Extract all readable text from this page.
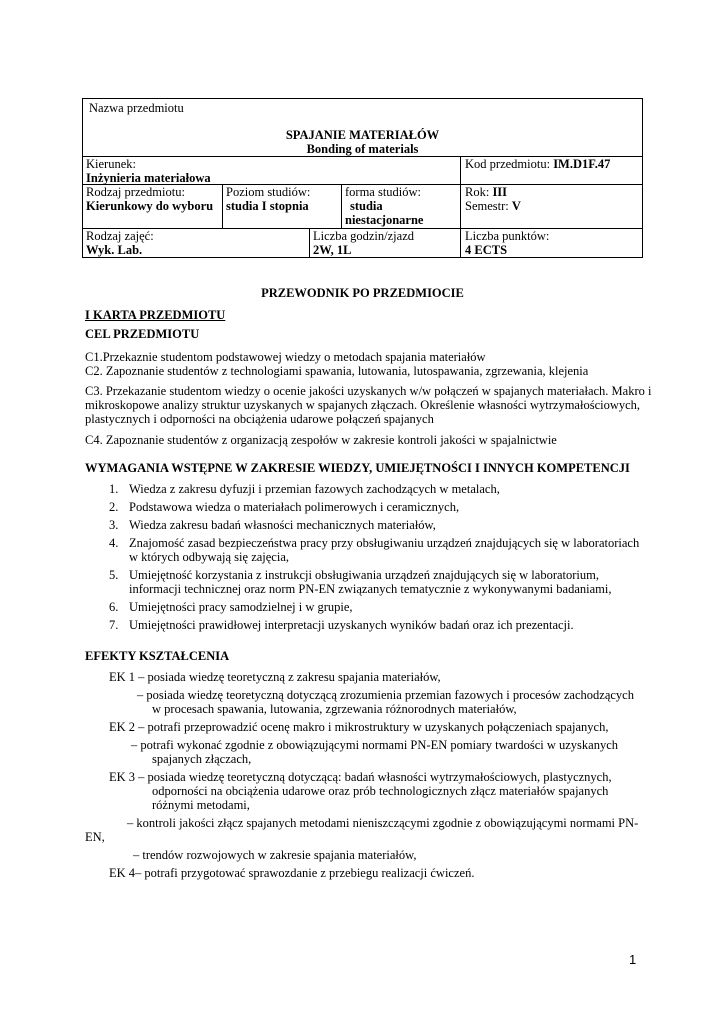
Nazwa przedmiotu
SPAJANIE MATERIAŁÓW
Bonding of materials
Kierunek:
Inżynieria materiałowa
Kod przedmiotu: IM.D1F.47
Rodzaj przedmiotu:
Kierunkowy do wyboru
Poziom studiów:
studia I stopnia
forma studiów:
studia
niestacjonarne
Rok: III
Semestr: V
Rodzaj zajęć:
Wyk. Lab.
Liczba godzin/zjazd
2W, 1L
Liczba punktów:
4 ECTS
PRZEWODNIK PO PRZEDMIOCIE
I KARTA PRZEDMIOTU
CEL PRZEDMIOTU
C1.Przekaznie studentom podstawowej wiedzy o metodach spajania materiałów
C2. Zapoznanie studentów z technologiami spawania, lutowania, lutospawania, zgrzewania, klejenia
C3. Przekazanie studentom wiedzy o ocenie jakości uzyskanych w/w połączeń w spajanych materiałach. Makro i
mikroskopowe analizy struktur uzyskanych w spajanych złączach. Określenie własności wytrzymałościowych,
plastycznych i odporności na obciążenia udarowe połączeń spajanych
C4. Zapoznanie studentów z organizacją zespołów w zakresie kontroli jakości w spajalnictwie
WYMAGANIA WSTĘPNE W ZAKRESIE WIEDZY, UMIEJĘTNOŚCI I INNYCH KOMPETENCJI
1. Wiedza z zakresu dyfuzji i przemian fazowych zachodzących w metalach,
2. Podstawowa wiedza o materiałach polimerowych i ceramicznych,
3. Wiedza zakresu badań własności mechanicznych materiałów,
4. Znajomość zasad bezpieczeństwa pracy przy obsługiwaniu urządzeń znajdujących się w laboratoriach
w których odbywają się zajęcia,
5. Umiejętność korzystania z instrukcji obsługiwania urządzeń znajdujących się w laboratorium,
informacji technicznej oraz norm PN-EN związanych tematycznie z wykonywanymi badaniami,
6. Umiejętności pracy samodzielnej i w grupie,
7. Umiejętności prawidłowej interpretacji uzyskanych wyników badań oraz ich prezentacji.
EFEKTY KSZTAŁCENIA
EK 1 – posiada wiedzę teoretyczną z zakresu spajania materiałów,
– posiada wiedzę teoretyczną dotyczącą zrozumienia przemian fazowych i procesów zachodzących
w procesach spawania, lutowania, zgrzewania różnorodnych materiałów,
EK 2 – potrafi przeprowadzić ocenę makro i mikrostruktury w uzyskanych połączeniach spajanych,
– potrafi wykonać zgodnie z obowiązującymi normami PN-EN pomiary twardości w uzyskanych
spajanych złączach,
EK 3 – posiada wiedzę teoretyczną dotyczącą: badań własności wytrzymałościowych, plastycznych,
odporności na obciążenia udarowe oraz prób technologicznych złącz materiałów spajanych
różnymi metodami,
– kontroli jakości złącz spajanych metodami nieniszczącymi zgodnie z obowiązującymi normami PN-
EN,
– trendów rozwojowych w zakresie spajania materiałów,
EK 4– potrafi przygotować sprawozdanie z przebiegu realizacji ćwiczeń.
1
